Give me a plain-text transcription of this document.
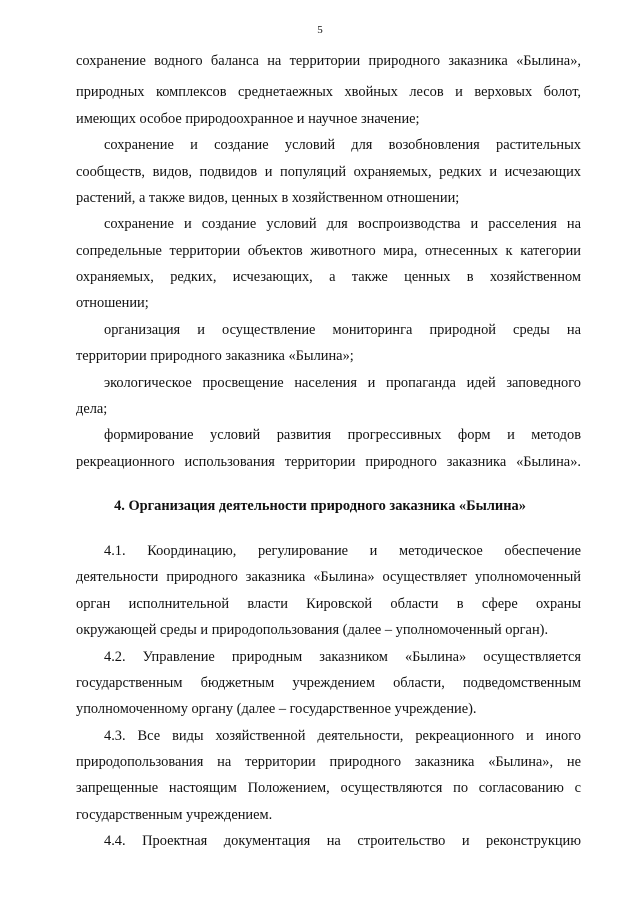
5
сохранение водного баланса на территории природного заказника «Былина»,
природных комплексов среднетаежных хвойных лесов и верховых болот,
имеющих особое природоохранное и научное значение;
сохранение и создание условий для возобновления растительных
сообществ, видов, подвидов и популяций охраняемых, редких и исчезающих
растений, а также видов, ценных в хозяйственном отношении;
сохранение и создание условий для воспроизводства и расселения на
сопредельные территории объектов животного мира, отнесенных к категории
охраняемых, редких, исчезающих, а также ценных в хозяйственном
отношении;
организация и осуществление мониторинга природной среды на
территории природного заказника «Былина»;
экологическое просвещение населения и пропаганда идей заповедного
дела;
формирование условий развития прогрессивных форм и методов
рекреационного использования территории природного заказника «Былина».
4. Организация деятельности природного заказника «Былина»
4.1. Координацию, регулирование и методическое обеспечение
деятельности природного заказника «Былина» осуществляет уполномоченный
орган исполнительной власти Кировской области в сфере охраны
окружающей среды и природопользования (далее – уполномоченный орган).
4.2. Управление природным заказником «Былина» осуществляется
государственным бюджетным учреждением области, подведомственным
уполномоченному органу (далее – государственное учреждение).
4.3. Все виды хозяйственной деятельности, рекреационного и иного
природопользования на территории природного заказника «Былина», не
запрещенные настоящим Положением, осуществляются по согласованию с
государственным учреждением.
4.4. Проектная документация на строительство и реконструкцию
